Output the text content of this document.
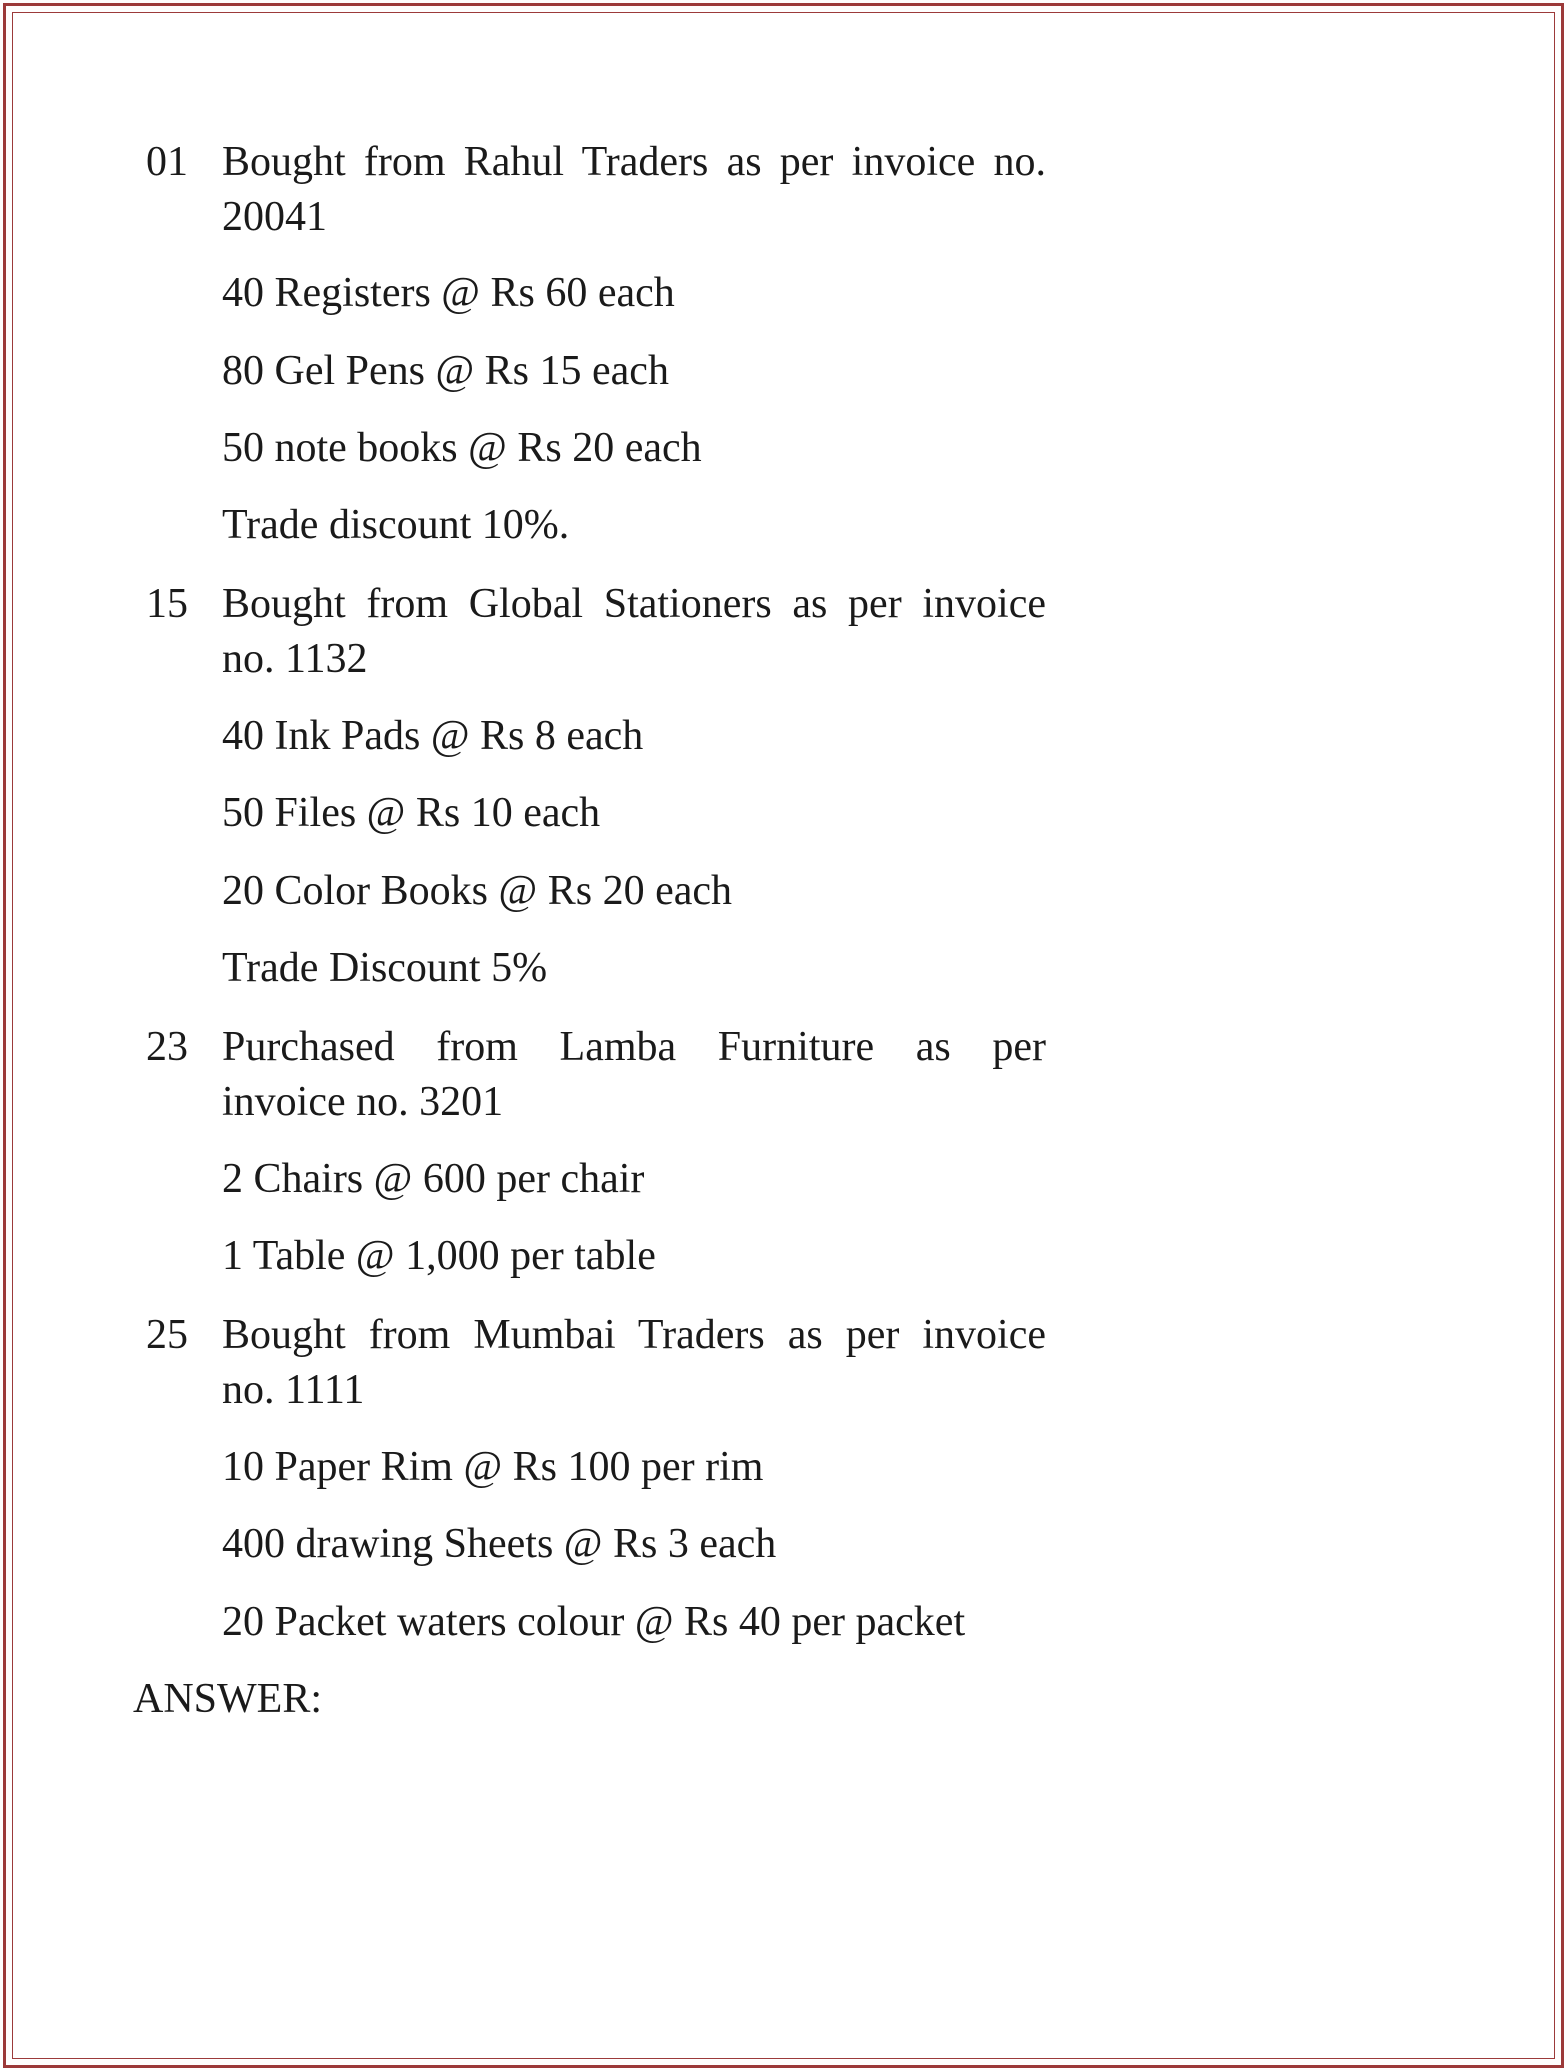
01 Bought from Rahul Traders as per invoice no.
20041
40 Registers @ Rs 60 each
80 Gel Pens @ Rs 15 each
50 note books @ Rs 20 each
Trade discount 10%.
15 Bought from Global Stationers as per invoice
no. 1132
40 Ink Pads @ Rs 8 each
50 Files @ Rs 10 each
20 Color Books @ Rs 20 each
Trade Discount 5%
23 Purchased from Lamba Furniture as per
invoice no. 3201
2 Chairs @ 600 per chair
1 Table @ 1,000 per table
25 Bought from Mumbai Traders as per invoice
no. 1111
10 Paper Rim @ Rs 100 per rim
400 drawing Sheets @ Rs 3 each
20 Packet waters colour @ Rs 40 per packet
ANSWER:
